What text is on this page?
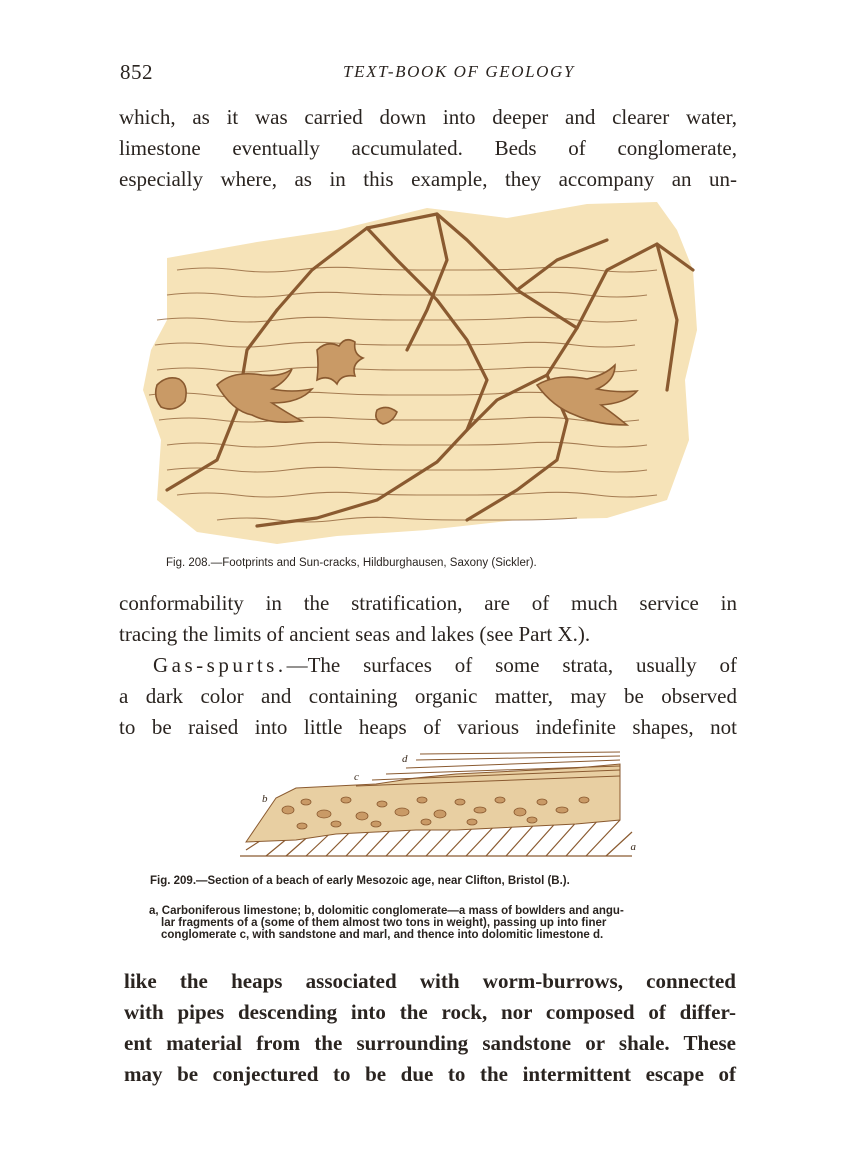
852	TEXT-BOOK OF GEOLOGY
which, as it was carried down into deeper and clearer water,
limestone eventually accumulated. Beds of conglomerate,
especially where, as in this example, they accompany an un-
Fig. 208.—Footprints and Sun-cracks, Hildburghausen, Saxony (Sickler).
conformability in the stratification, are of much service in
tracing the limits of ancient seas and lakes (see Part X.).
Gas-spurts.—The surfaces of some strata, usually of
a dark color and containing organic matter, may be observed
to be raised into little heaps of various indefinite shapes, not
b
c
d
a
Fig. 209.—Section of a beach of early Mesozoic age, near Clifton, Bristol (B.).
a, Carboniferous limestone; b, dolomitic conglomerate—a mass of bowlders and angu-
lar fragments of a (some of them almost two tons in weight), passing up into finer
conglomerate c, with sandstone and marl, and thence into dolomitic limestone d.
like the heaps associated with worm-burrows, connected
with pipes descending into the rock, nor composed of differ-
ent material from the surrounding sandstone or shale. These
may be conjectured to be due to the intermittent escape of
